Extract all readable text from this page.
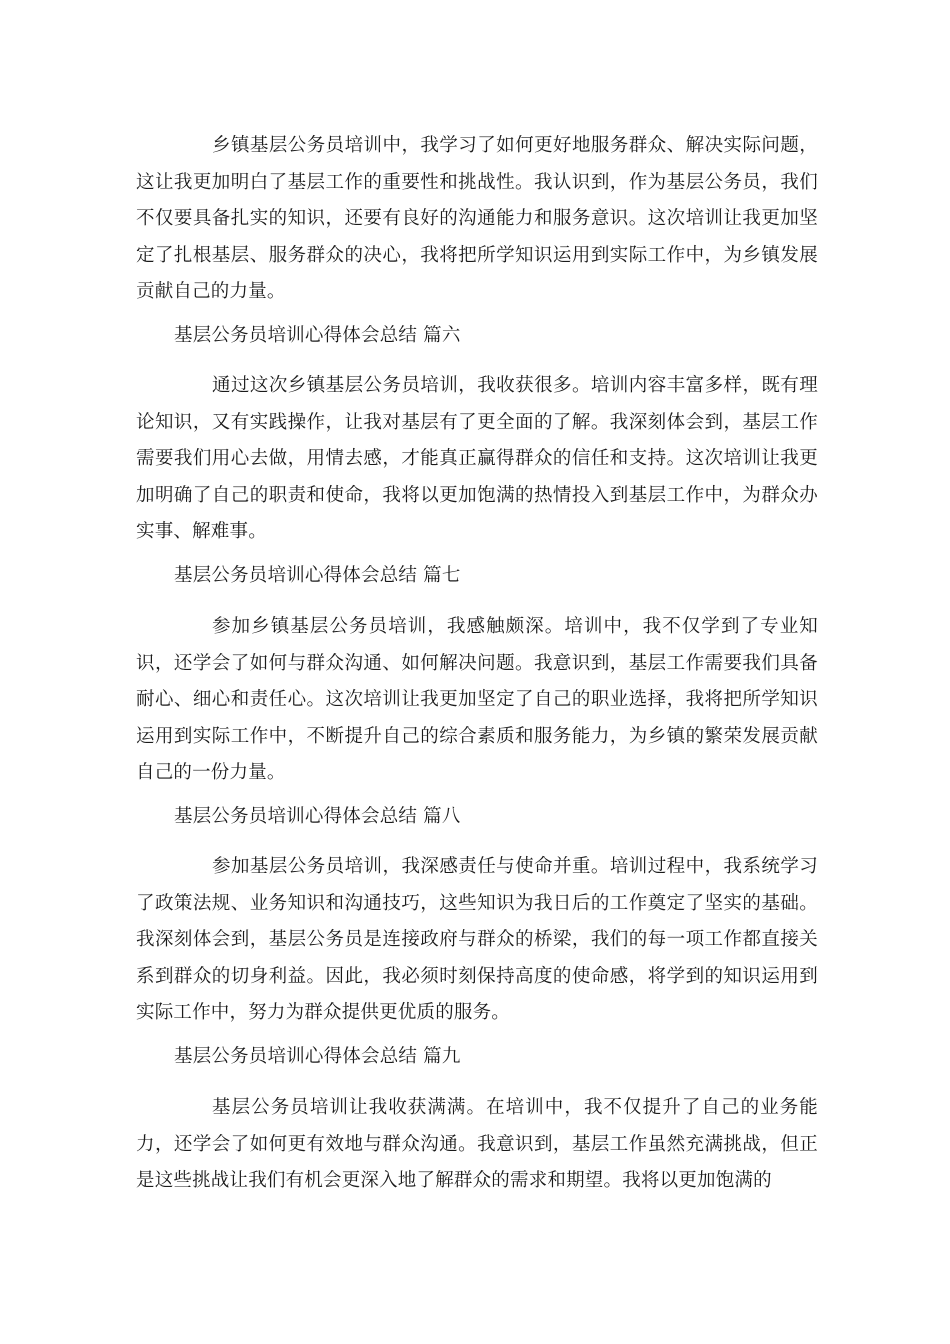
乡镇基层公务员培训中，我学习了如何更好地服务群众、解决实际问题，这让我更加明白了基层工作的重要性和挑战性。我认识到，作为基层公务员，我们不仅要具备扎实的知识，还要有良好的沟通能力和服务意识。这次培训让我更加坚定了扎根基层、服务群众的决心，我将把所学知识运用到实际工作中，为乡镇发展贡献自己的力量。

基层公务员培训心得体会总结 篇六

通过这次乡镇基层公务员培训，我收获很多。培训内容丰富多样，既有理论知识，又有实践操作，让我对基层有了更全面的了解。我深刻体会到，基层工作需要我们用心去做，用情去感，才能真正赢得群众的信任和支持。这次培训让我更加明确了自己的职责和使命，我将以更加饱满的热情投入到基层工作中，为群众办实事、解难事。

基层公务员培训心得体会总结 篇七

参加乡镇基层公务员培训，我感触颇深。培训中，我不仅学到了专业知识，还学会了如何与群众沟通、如何解决问题。我意识到，基层工作需要我们具备耐心、细心和责任心。这次培训让我更加坚定了自己的职业选择，我将把所学知识运用到实际工作中，不断提升自己的综合素质和服务能力，为乡镇的繁荣发展贡献自己的一份力量。

基层公务员培训心得体会总结 篇八

参加基层公务员培训，我深感责任与使命并重。培训过程中，我系统学习了政策法规、业务知识和沟通技巧，这些知识为我日后的工作奠定了坚实的基础。我深刻体会到，基层公务员是连接政府与群众的桥梁，我们的每一项工作都直接关系到群众的切身利益。因此，我必须时刻保持高度的使命感，将学到的知识运用到实际工作中，努力为群众提供更优质的服务。

基层公务员培训心得体会总结 篇九

基层公务员培训让我收获满满。在培训中，我不仅提升了自己的业务能力，还学会了如何更有效地与群众沟通。我意识到，基层工作虽然充满挑战，但正是这些挑战让我们有机会更深入地了解群众的需求和期望。我将以更加饱满的
